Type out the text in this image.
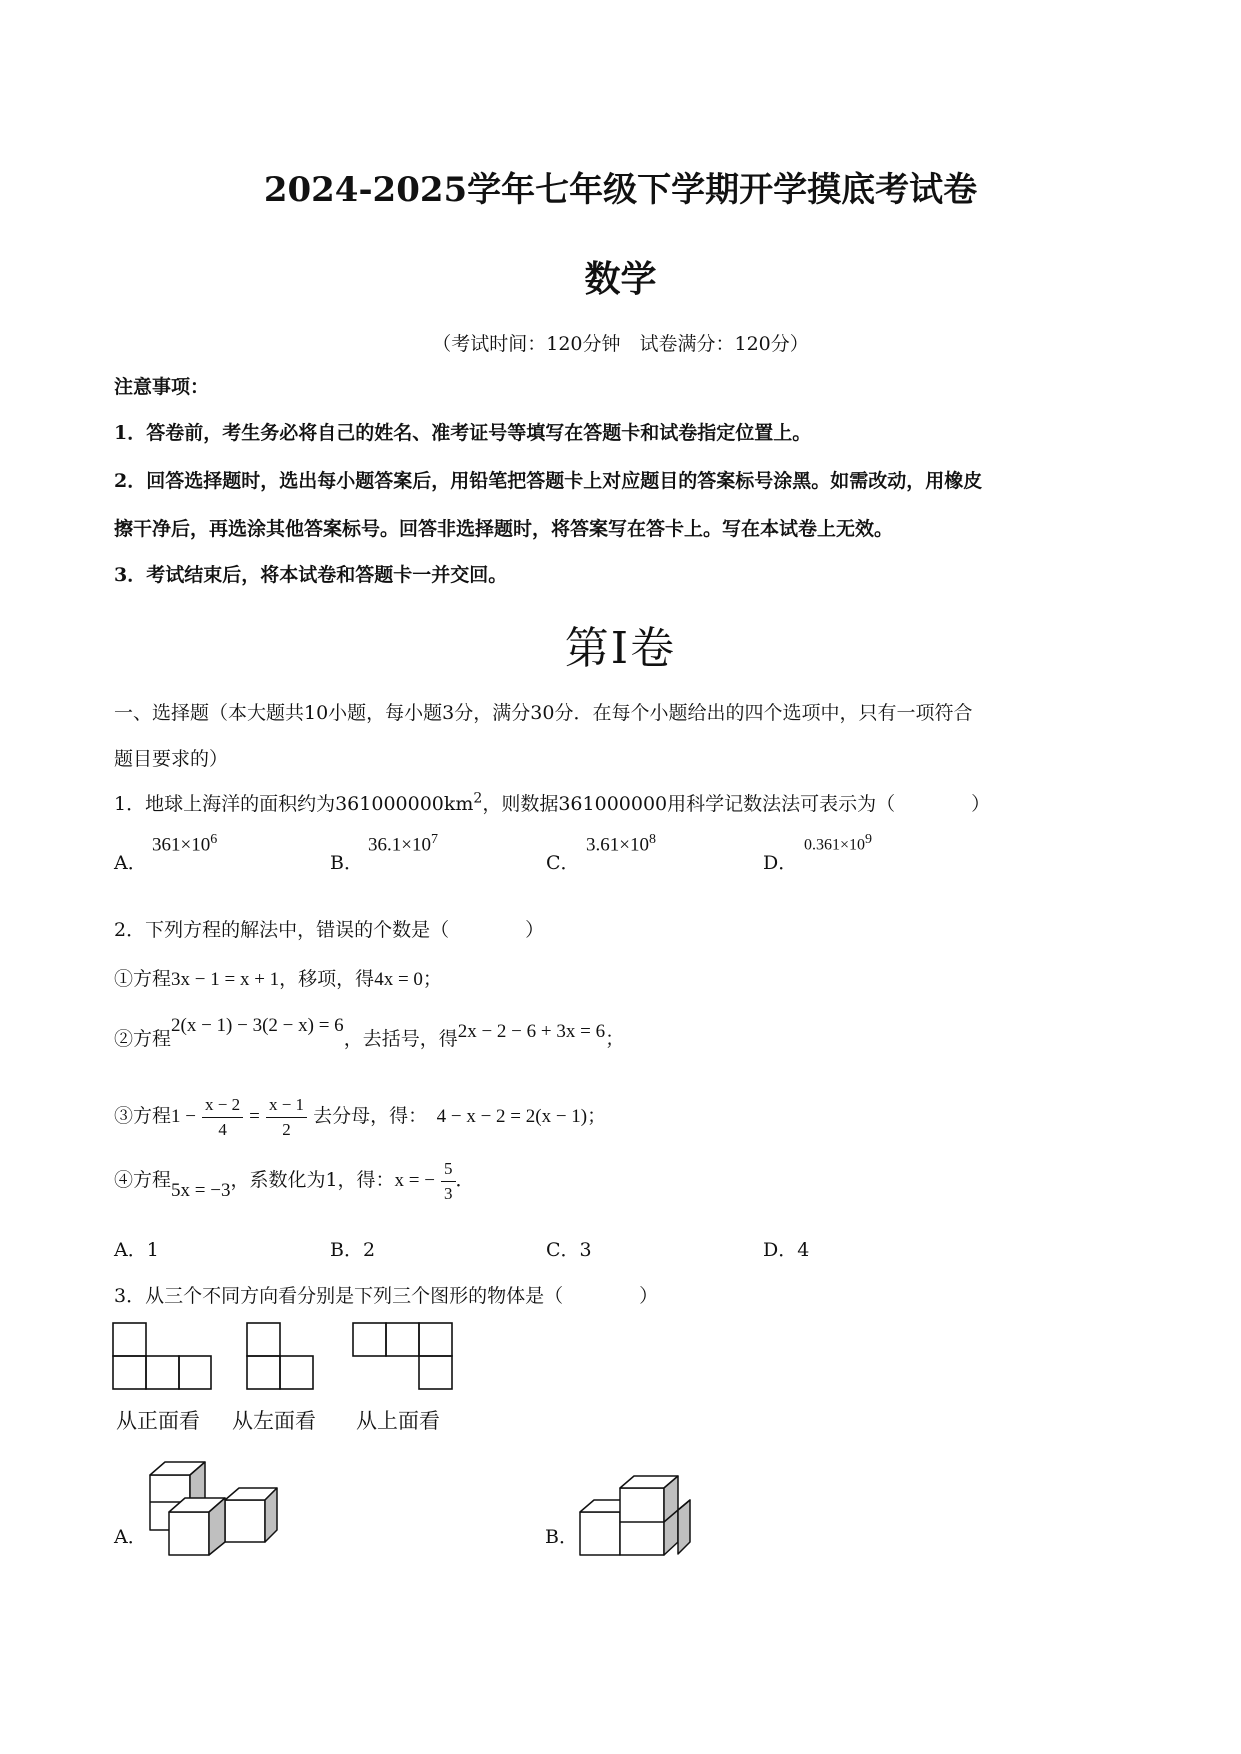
2024-2025学年七年级下学期开学摸底考试卷
数学
（考试时间：120分钟　试卷满分：120分）
注意事项：
1．答卷前，考生务必将自己的姓名、准考证号等填写在答题卡和试卷指定位置上。
2．回答选择题时，选出每小题答案后，用铅笔把答题卡上对应题目的答案标号涂黑。如需改动，用橡皮
擦干净后，再选涂其他答案标号。回答非选择题时，将答案写在答卡上。写在本试卷上无效。
3．考试结束后，将本试卷和答题卡一并交回。
第Ⅰ卷
一、选择题（本大题共10小题，每小题3分，满分30分．在每个小题给出的四个选项中，只有一项符合
题目要求的）
1．地球上海洋的面积约为$361000000km^2$，则数据361000000用科学记数法法可表示为（　　　　）
A．
$361\times 10^6$
B．
$36.1\times 10^7$
C．
$3.61\times 10^8$
D．
0.361×109
2．下列方程的解法中，错误的个数是（　　　　）
①方程3x − 1 = x + 1，移项，得4x = 0；
②方程2(x − 1) − 3(2 − x) = 6，去括号，得2x − 2 − 6 + 3x = 6；
③方程$1 - \frac{x - 2}{4} = \frac{x - 1}{2}$ 去分母，得：　 4 − x − 2 = 2(x − 1)；
④方程5x = −3，系数化为1，得：x = − $\frac{5}{3}$ ．
A．1	B．2	C．3	D．4
3．从三个不同方向看分别是下列三个图形的物体是（　　　　）
从正面看 从左面看 从上面看
A．	B．
